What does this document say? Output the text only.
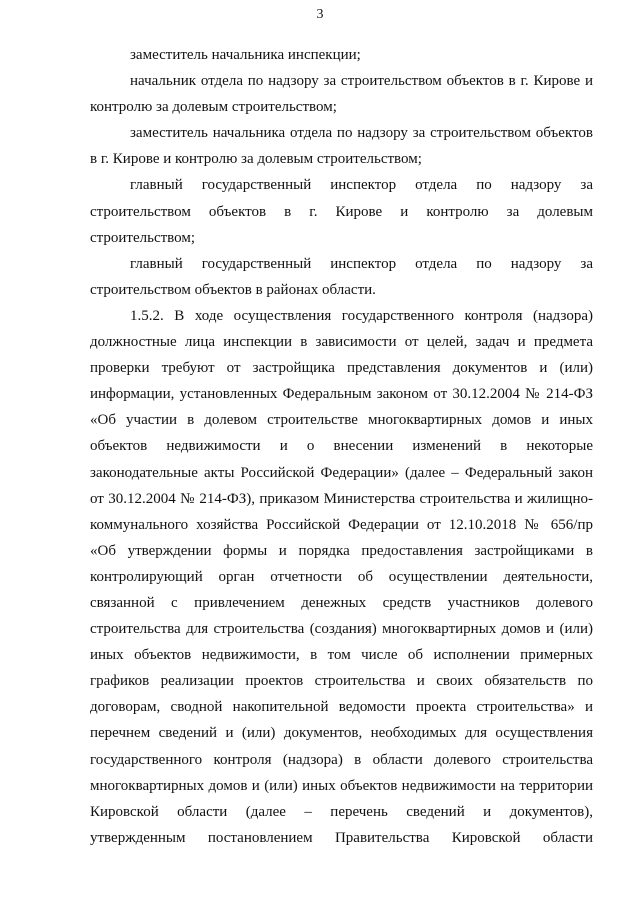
3
заместитель начальника инспекции;
начальник отдела по надзору за строительством объектов в г. Кирове и
контролю за долевым строительством;
заместитель начальника отдела по надзору за строительством объектов
в г. Кирове и контролю за долевым строительством;
главный государственный инспектор отдела по надзору за
строительством объектов в г. Кирове и контролю за долевым
строительством;
главный государственный инспектор отдела по надзору за
строительством объектов в районах области.
1.5.2. В ходе осуществления государственного контроля (надзора)
должностные лица инспекции в зависимости от целей, задач и предмета
проверки требуют от застройщика представления документов и (или)
информации, установленных Федеральным законом от 30.12.2004 № 214-ФЗ
«Об участии в долевом строительстве многоквартирных домов и иных
объектов недвижимости и о внесении изменений в некоторые
законодательные акты Российской Федерации» (далее – Федеральный закон
от 30.12.2004 № 214-ФЗ), приказом Министерства строительства и жилищно-
коммунального хозяйства Российской Федерации от 12.10.2018 № 656/пр
«Об утверждении формы и порядка предоставления застройщиками в
контролирующий орган отчетности об осуществлении деятельности,
связанной с привлечением денежных средств участников долевого
строительства для строительства (создания) многоквартирных домов и (или)
иных объектов недвижимости, в том числе об исполнении примерных
графиков реализации проектов строительства и своих обязательств по
договорам, сводной накопительной ведомости проекта строительства» и
перечнем сведений и (или) документов, необходимых для осуществления
государственного контроля (надзора) в области долевого строительства
многоквартирных домов и (или) иных объектов недвижимости на территории
Кировской области (далее – перечень сведений и документов),
утвержденным постановлением Правительства Кировской области
